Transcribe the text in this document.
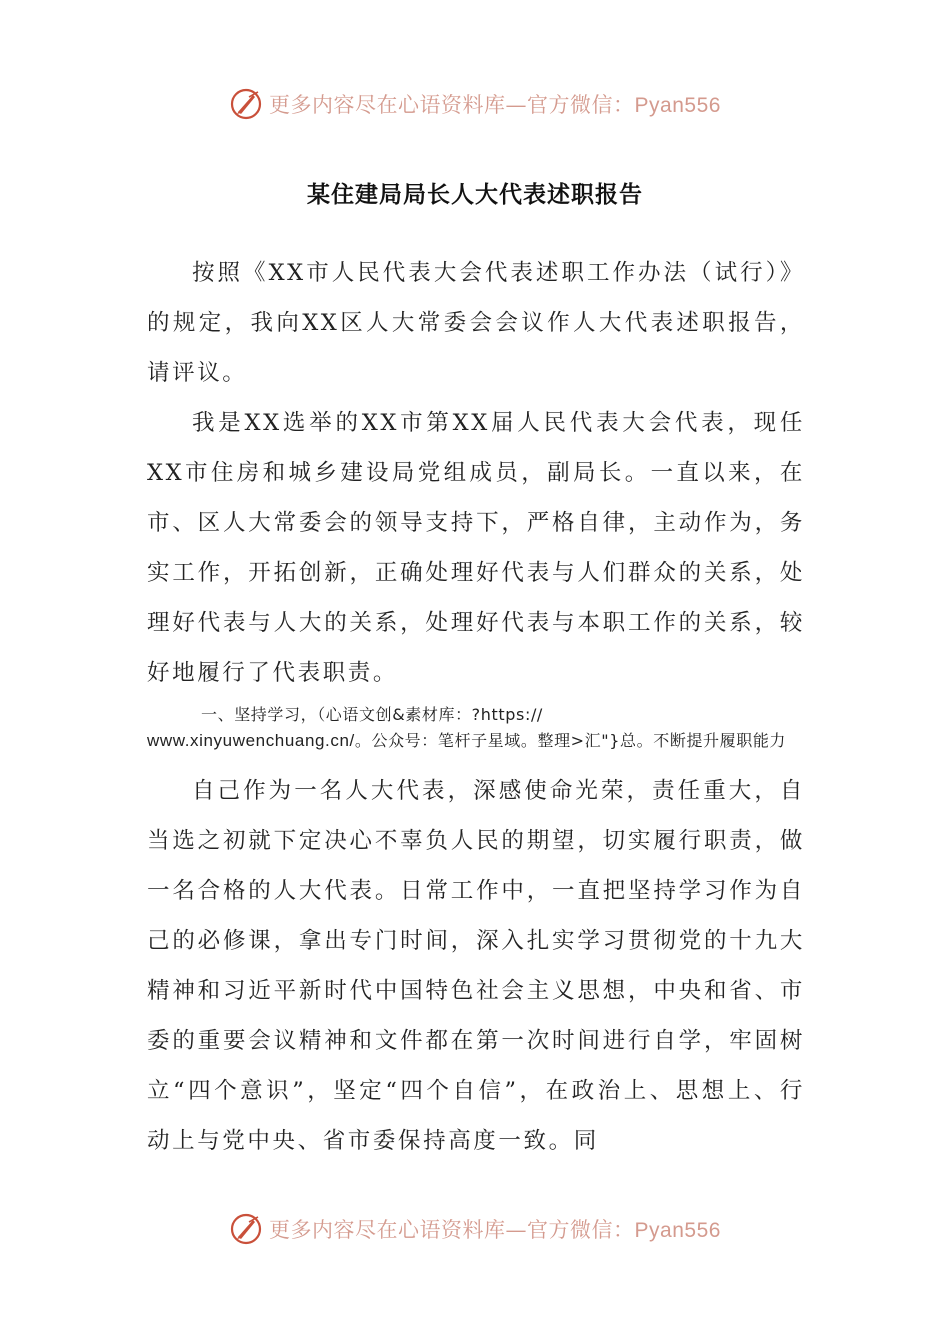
更多内容尽在心语资料库—官方微信：Pyan556
某住建局局长人大代表述职报告

按照《XX市人民代表大会代表述职工作办法（试行）》的规定，我向XX区人大常委会会议作人大代表述职报告，请评议。

我是XX选举的XX市第XX届人民代表大会代表，现任XX市住房和城乡建设局党组成员，副局长。一直以来，在市、区人大常委会的领导支持下，严格自律，主动作为，务实工作，开拓创新，正确处理好代表与人们群众的关系，处理好代表与人大的关系，处理好代表与本职工作的关系，较好地履行了代表职责。

一、坚持学习，（心语文创&素材库：?https://
www.xinyuwenchuang.cn/。公众号：笔杆子星域。整理>汇"}总。不断提升履职能力

自己作为一名人大代表，深感使命光荣，责任重大，自当选之初就下定决心不辜负人民的期望，切实履行职责，做一名合格的人大代表。日常工作中，一直把坚持学习作为自己的必修课，拿出专门时间，深入扎实学习贯彻党的十九大精神和习近平新时代中国特色社会主义思想，中央和省、市委的重要会议精神和文件都在第一次时间进行自学，牢固树立“四个意识”，坚定“四个自信”，在政治上、思想上、行动上与党中央、省市委保持高度一致。同

更多内容尽在心语资料库—官方微信：Pyan556
